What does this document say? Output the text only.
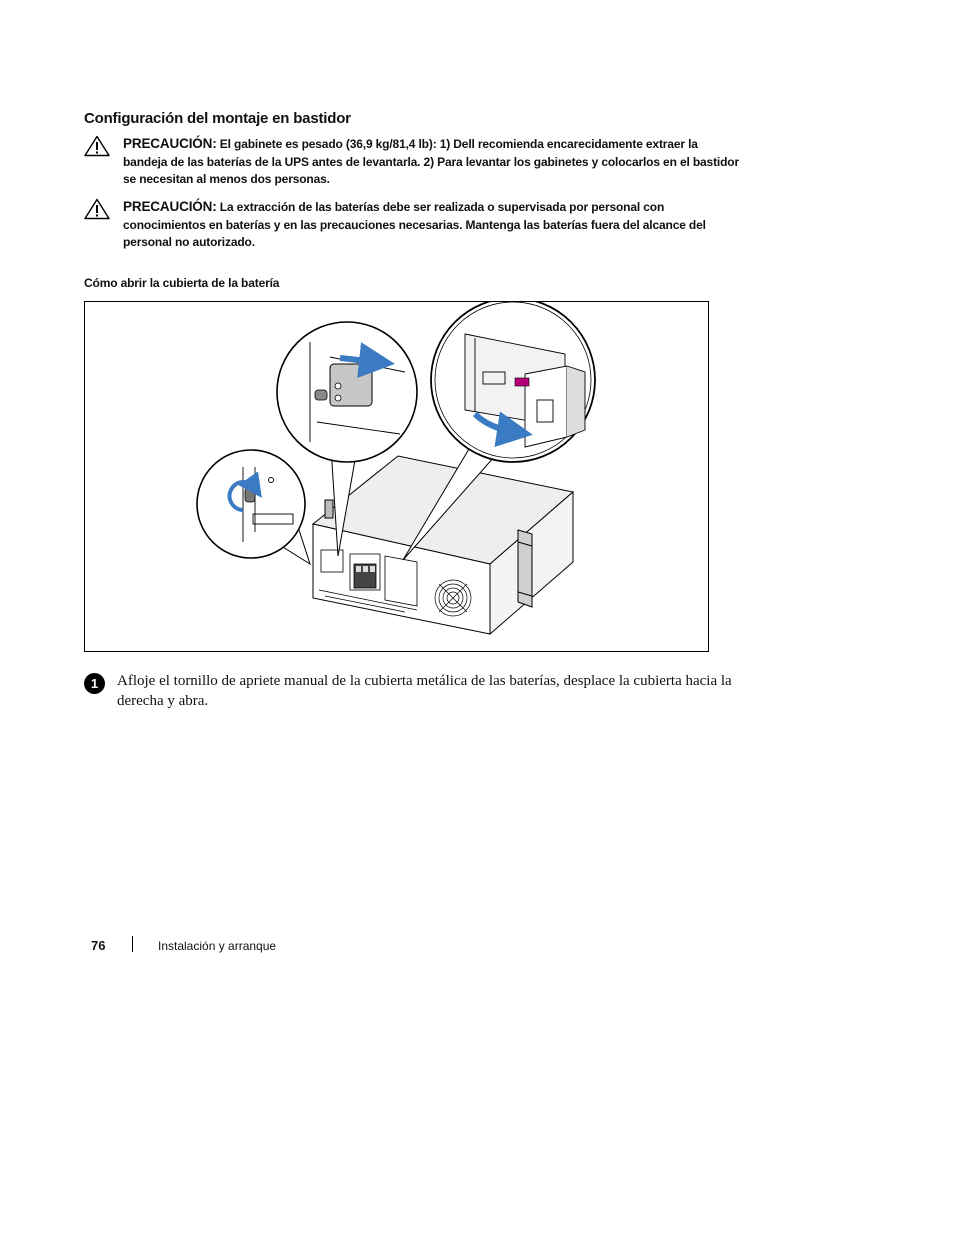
Configuración del montaje en bastidor
PRECAUCIÓN: El gabinete es pesado (36,9 kg/81,4 lb): 1) Dell recomienda encarecidamente extraer la bandeja de las baterías de la UPS antes de levantarla. 2) Para levantar los gabinetes y colocarlos en el bastidor se necesitan al menos dos personas.
PRECAUCIÓN: La extracción de las baterías debe ser realizada o supervisada por personal con conocimientos en baterías y en las precauciones necesarias. Mantenga las baterías fuera del alcance del personal no autorizado.
Cómo abrir la cubierta de la batería
1	Afloje el tornillo de apriete manual de la cubierta metálica de las baterías, desplace la cubierta hacia la derecha y abra.
76	Instalación y arranque
